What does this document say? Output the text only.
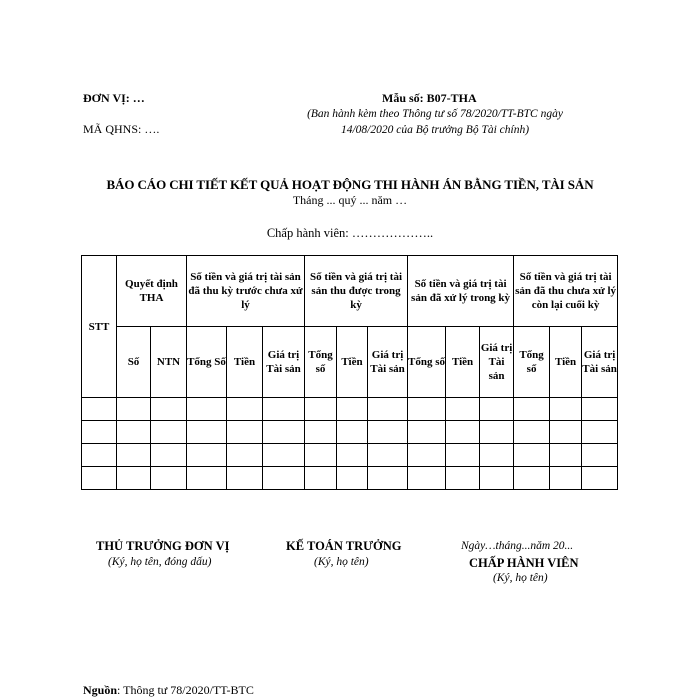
ĐƠN VỊ: …
MÃ QHNS: ….
Mẫu số: B07-THA
(Ban hành kèm theo Thông tư số 78/2020/TT-BTC ngày 14/08/2020 của Bộ trưởng Bộ Tài chính)
BÁO CÁO CHI TIẾT KẾT QUẢ HOẠT ĐỘNG THI HÀNH ÁN BẰNG TIỀN, TÀI SẢN
Tháng ... quý ... năm …
Chấp hành viên: ………………..
STT	Quyết định THA		Số tiền và giá trị tài sản đã thu kỳ trước chưa xử lý			Số tiền và giá trị tài sản thu được trong kỳ			Số tiền và giá trị tài sản đã xử lý trong kỳ			Số tiền và giá trị tài sản đã thu chưa xử lý còn lại cuối kỳ		
	Số	NTN	Tổng Số	Tiền	Giá trị Tài sản	Tổng số	Tiền	Giá trị Tài sản	Tổng số	Tiền	Giá trị Tài sản	Tổng số	Tiền	Giá trị Tài sản

THỦ TRƯỞNG ĐƠN VỊ
(Ký, họ tên, đóng dấu)
KẾ TOÁN TRƯỞNG
(Ký, họ tên)
Ngày…tháng...năm 20...
CHẤP HÀNH VIÊN
(Ký, họ tên)
Nguồn: Thông tư 78/2020/TT-BTC
